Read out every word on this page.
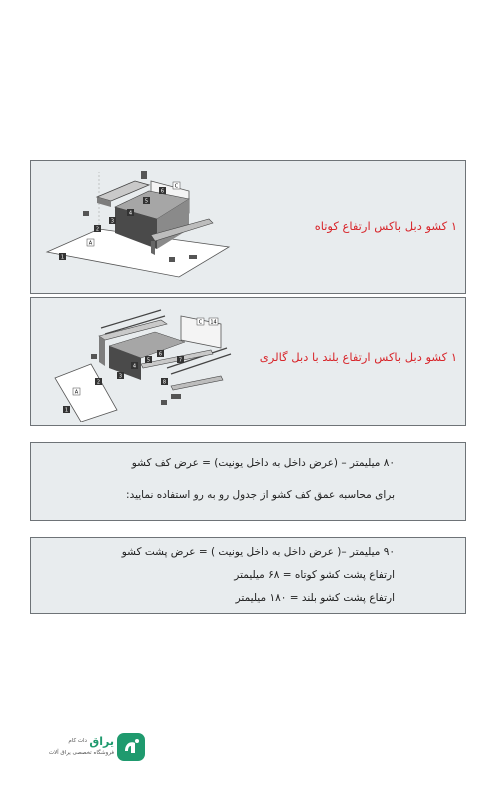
C
A
1
2
3
4
5
6
۱ کشو دبل باکس ارتفاع کوتاه
C 14
A
1
2
3
4
5
6
7
8
۱ کشو دبل باکس ارتفاع بلند با دبل گالری
۸۰ میلیمتر – (عرض داخل به داخل یونیت) = عرض کف کشو
برای محاسبه عمق کف کشو از جدول رو به رو استفاده نمایید:
۹۰ میلیمتر –( عرض داخل به داخل یونیت ) = عرض پشت کشو
ارتفاع پشت کشو کوتاه = ۶۸ میلیمتر
ارتفاع پشت کشو بلند = ۱۸۰ میلیمتر
یراق
دات کام
فروشگاه تخصصی یراق آلات
